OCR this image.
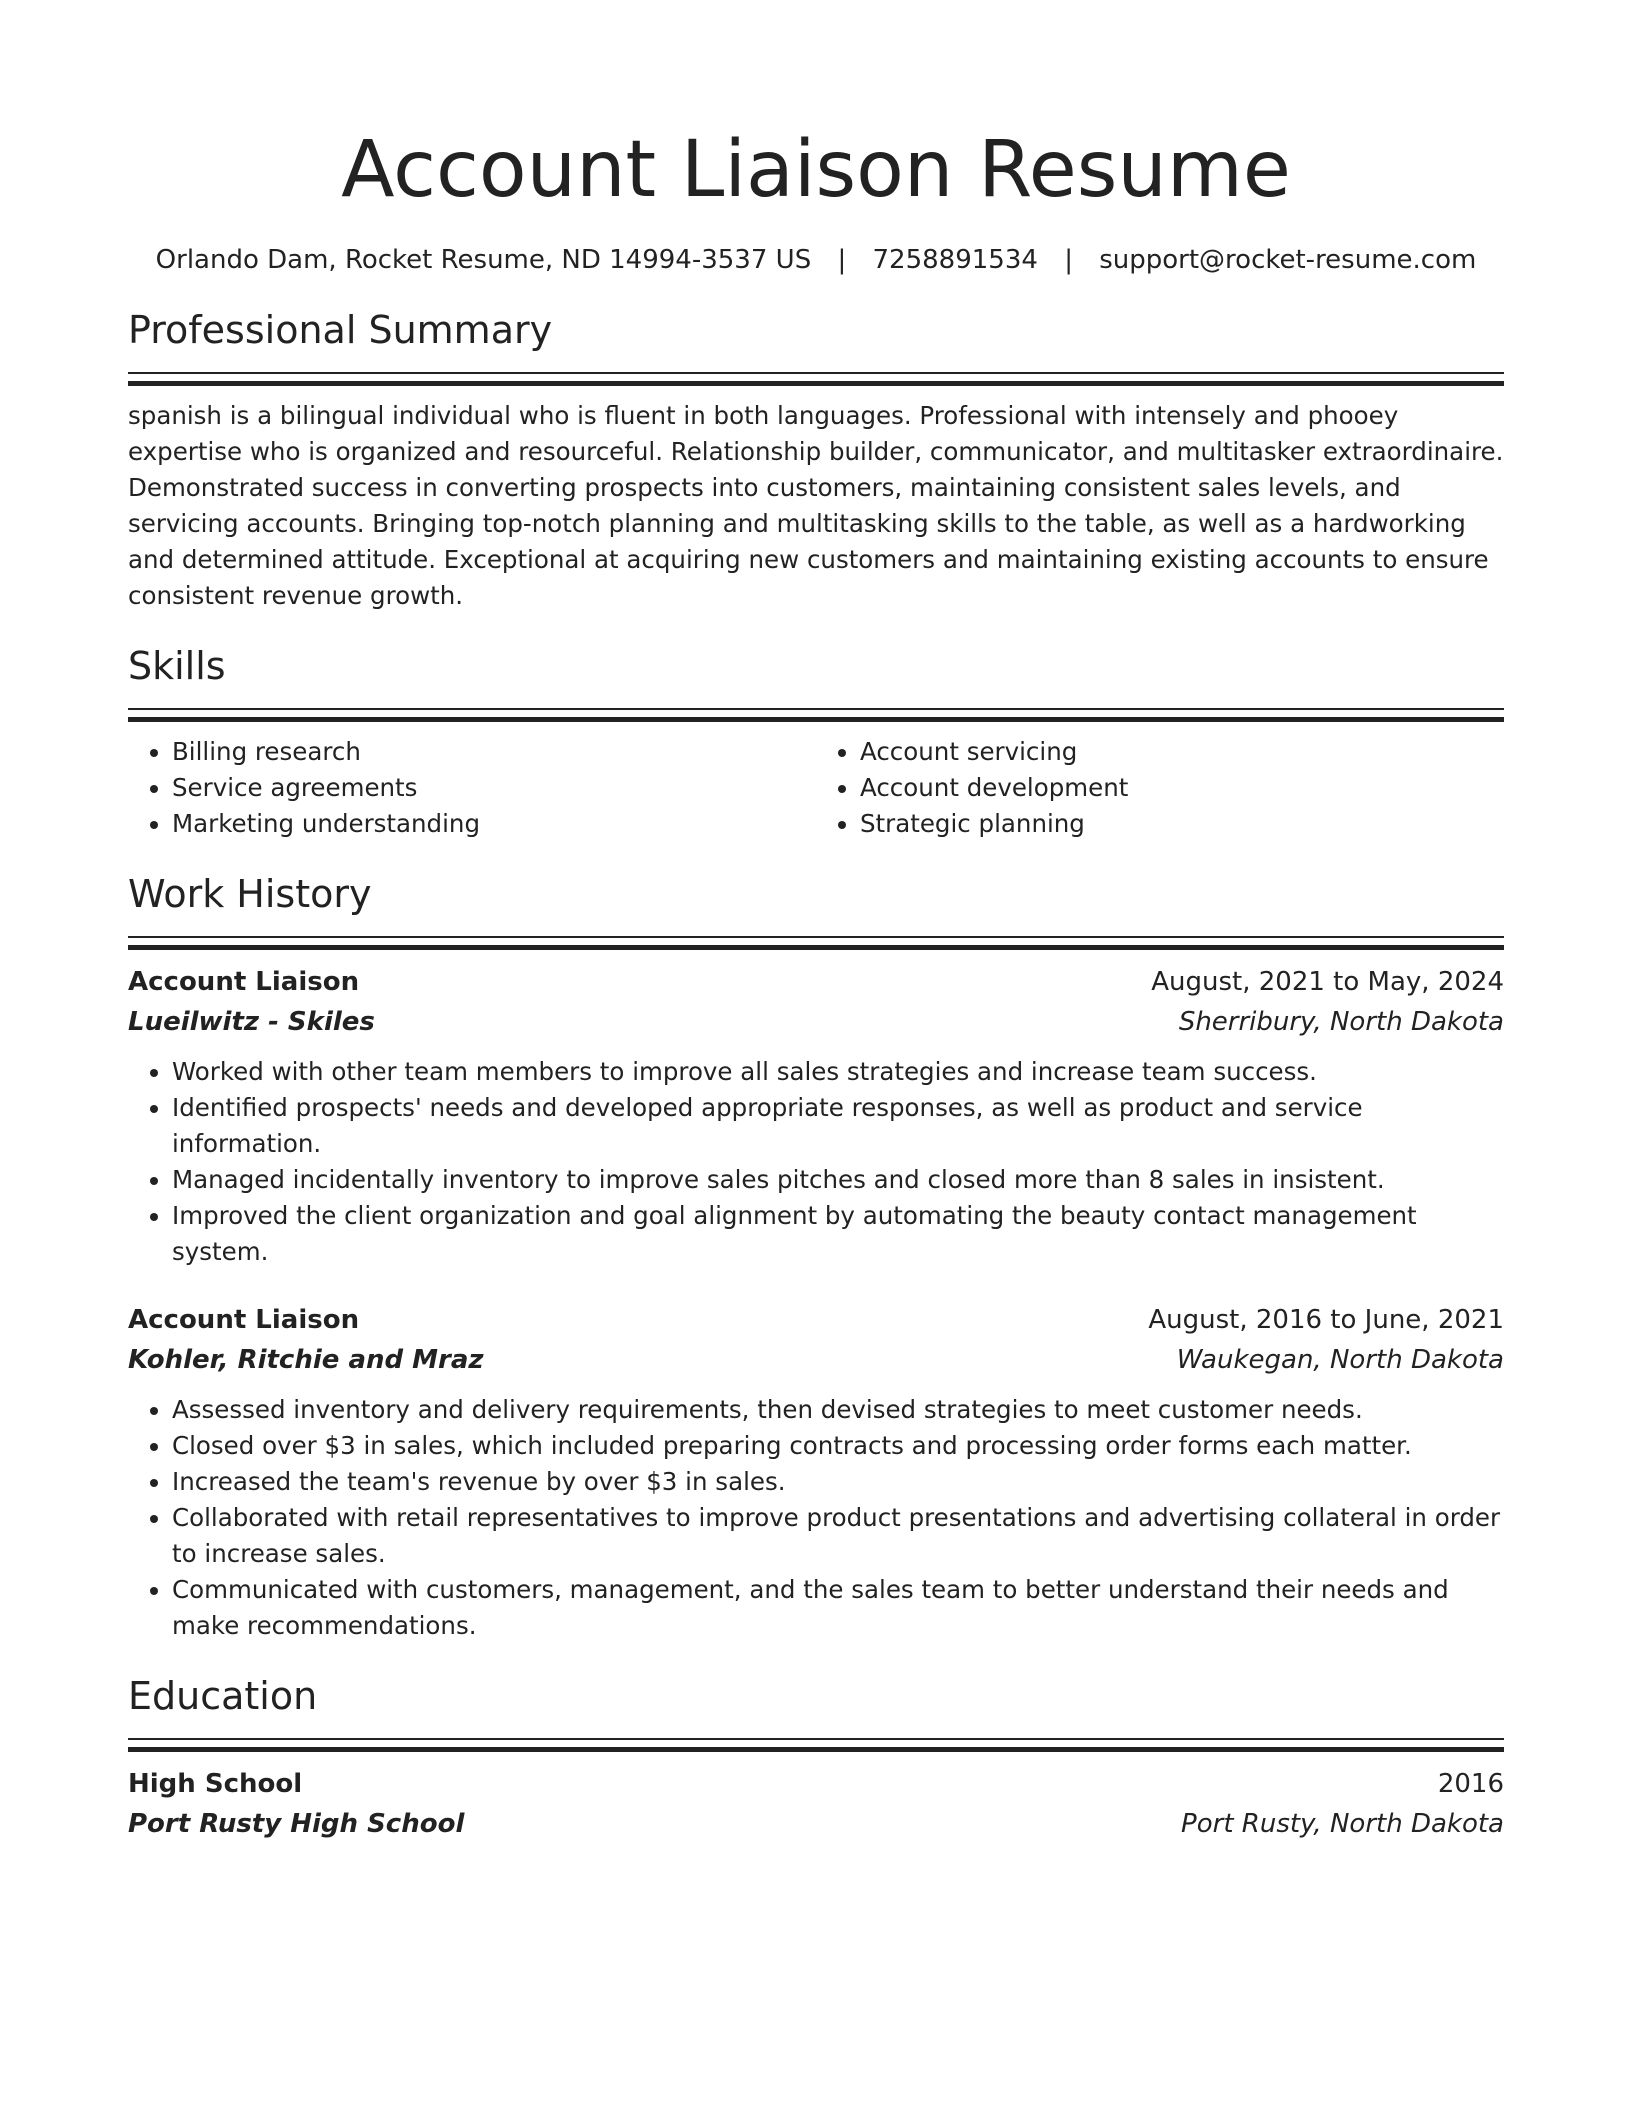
Account Liaison Resume
Orlando Dam, Rocket Resume, ND 14994-3537 US | 7258891534 | support@rocket-resume.com
Professional Summary
spanish is a bilingual individual who is fluent in both languages. Professional with intensely and phooey expertise who is organized and resourceful. Relationship builder, communicator, and multitasker extraordinaire. Demonstrated success in converting prospects into customers, maintaining consistent sales levels, and servicing accounts. Bringing top-notch planning and multitasking skills to the table, as well as a hardworking and determined attitude. Exceptional at acquiring new customers and maintaining existing accounts to ensure consistent revenue growth.
Skills
• Billing research
• Service agreements
• Marketing understanding
• Account servicing
• Account development
• Strategic planning
Work History
Account Liaison	August, 2021 to May, 2024
Lueilwitz - Skiles	Sherribury, North Dakota
• Worked with other team members to improve all sales strategies and increase team success.
• Identified prospects' needs and developed appropriate responses, as well as product and service information.
• Managed incidentally inventory to improve sales pitches and closed more than 8 sales in insistent.
• Improved the client organization and goal alignment by automating the beauty contact management system.
Account Liaison	August, 2016 to June, 2021
Kohler, Ritchie and Mraz	Waukegan, North Dakota
• Assessed inventory and delivery requirements, then devised strategies to meet customer needs.
• Closed over $3 in sales, which included preparing contracts and processing order forms each matter.
• Increased the team's revenue by over $3 in sales.
• Collaborated with retail representatives to improve product presentations and advertising collateral in order to increase sales.
• Communicated with customers, management, and the sales team to better understand their needs and make recommendations.
Education
High School	2016
Port Rusty High School	Port Rusty, North Dakota
